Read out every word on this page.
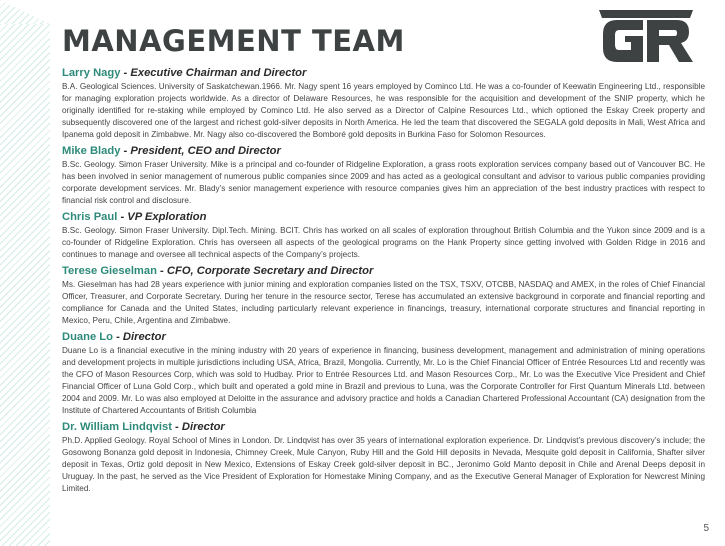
MANAGEMENT TEAM
Larry Nagy - Executive Chairman and Director

B.A. Geological Sciences. University of Saskatchewan.1966. Mr. Nagy spent 16 years employed by Cominco Ltd. He was a co-founder of Keewatin Engineering Ltd., responsible for managing exploration projects worldwide. As a director of Delaware Resources, he was responsible for the acquisition and development of the SNIP property, which he originally identified for re-staking while employed by Cominco Ltd. He also served as a Director of Calpine Resources Ltd., which optioned the Eskay Creek property and subsequently discovered one of the largest and richest gold-silver deposits in North America. He led the team that discovered the SEGALA gold deposits in Mali, West Africa and Ipanema gold deposit in Zimbabwe. Mr. Nagy also co-discovered the Bomboré gold deposits in Burkina Faso for Solomon Resources.

Mike Blady - President, CEO and Director

B.Sc. Geology. Simon Fraser University. Mike is a principal and co-founder of Ridgeline Exploration, a grass roots exploration services company based out of Vancouver BC. He has been involved in senior management of numerous public companies since 2009 and has acted as a geological consultant and advisor to various public companies providing corporate development services. Mr. Blady’s senior management experience with resource companies gives him an appreciation of the best industry practices with respect to financial risk control and disclosure.

Chris Paul - VP Exploration

B.Sc. Geology. Simon Fraser University. Dipl.Tech. Mining. BCIT. Chris has worked on all scales of exploration throughout British Columbia and the Yukon since 2009 and is a co-founder of Ridgeline Exploration. Chris has overseen all aspects of the geological programs on the Hank Property since getting involved with Golden Ridge in 2016 and continues to manage and oversee all technical aspects of the Company’s projects.

Terese Gieselman - CFO, Corporate Secretary and Director

Ms. Gieselman has had 28 years experience with junior mining and exploration companies listed on the TSX, TSXV, OTCBB, NASDAQ and AMEX, in the roles of Chief Financial Officer, Treasurer, and Corporate Secretary. During her tenure in the resource sector, Terese has accumulated an extensive background in corporate and financial reporting and compliance for Canada and the United States, including particularly relevant experience in financings, treasury, international corporate structures and financial reporting in Mexico, Peru, Chile, Argentina and Zimbabwe.

Duane Lo - Director

Duane Lo is a financial executive in the mining industry with 20 years of experience in financing, business development, management and administration of mining operations and development projects in multiple jurisdictions including USA, Africa, Brazil, Mongolia. Currently, Mr. Lo is the Chief Financial Officer of Entrée Resources Ltd and recently was the CFO of Mason Resources Corp, which was sold to Hudbay. Prior to Entrée Resources Ltd. and Mason Resources Corp., Mr. Lo was the Executive Vice President and Chief Financial Officer of Luna Gold Corp., which built and operated a gold mine in Brazil and previous to Luna, was the Corporate Controller for First Quantum Minerals Ltd. between 2004 and 2009. Mr. Lo was also employed at Deloitte in the assurance and advisory practice and holds a Canadian Chartered Professional Accountant (CA) designation from the Institute of Chartered Accountants of British Columbia

Dr. William Lindqvist - Director

Ph.D. Applied Geology. Royal School of Mines in London. Dr. Lindqvist has over 35 years of international exploration experience. Dr. Lindqvist’s previous discovery’s include; the Gosowong Bonanza gold deposit in Indonesia, Chimney Creek, Mule Canyon, Ruby Hill and the Gold Hill deposits in Nevada, Mesquite gold deposit in California, Shafter silver deposit in Texas, Ortiz gold deposit in New Mexico, Extensions of Eskay Creek gold-silver deposit in BC., Jeronimo Gold Manto deposit in Chile and Arenal Deeps deposit in Uruguay. In the past, he served as the Vice President of Exploration for Homestake Mining Company, and as the Executive General Manager of Exploration for Newcrest Mining Limited.

5
